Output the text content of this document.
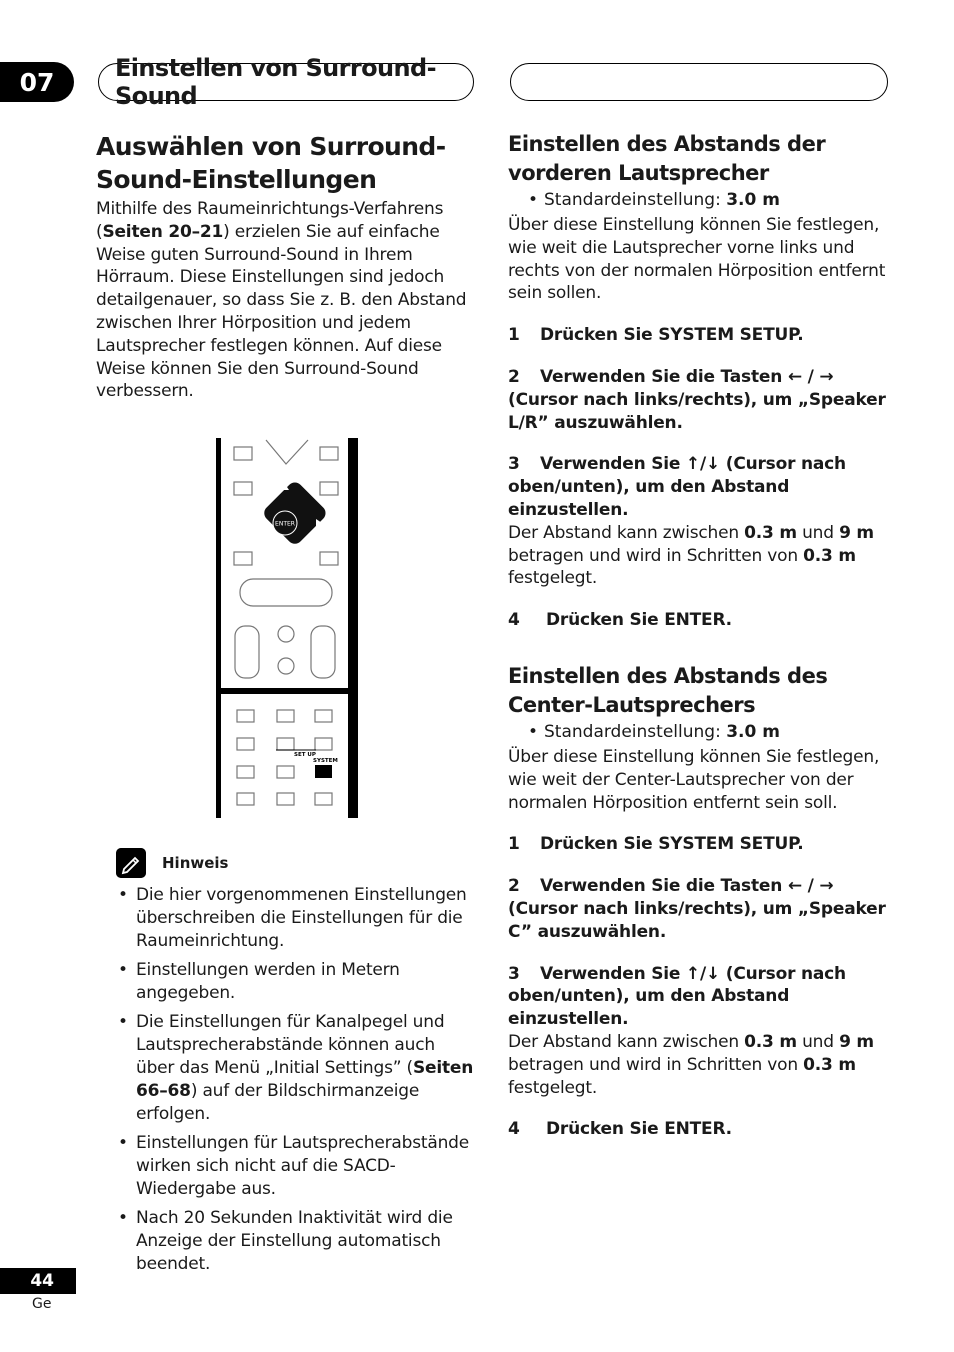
07	Einstellen von Surround-Sound
Auswählen von Surround-Sound-Einstellungen

Mithilfe des Raumeinrichtungs-Verfahrens (Seiten 20–21) erzielen Sie auf einfache Weise guten Surround-Sound in Ihrem Hörraum. Diese Einstellungen sind jedoch detailgenauer, so dass Sie z. B. den Abstand zwischen Ihrer Hörposition und jedem Lautsprecher festlegen können. Auf diese Weise können Sie den Surround-Sound verbessern.

ENTER
SET UP
SYSTEM
Hinweis
• Die hier vorgenommenen Einstellungen überschreiben die Einstellungen für die Raumeinrichtung.
• Einstellungen werden in Metern angegeben.
• Die Einstellungen für Kanalpegel und Lautsprecherabstände können auch über das Menü „Initial Settings” (Seiten 66–68) auf der Bildschirmanzeige erfolgen.
• Einstellungen für Lautsprecherabstände wirken sich nicht auf die SACD-Wiedergabe aus.
• Nach 20 Sekunden Inaktivität wird die Anzeige der Einstellung automatisch beendet.
Einstellen des Abstands der vorderen Lautsprecher
• Standardeinstellung: 3.0 m

Über diese Einstellung können Sie festlegen, wie weit die Lautsprecher vorne links und rechts von der normalen Hörposition entfernt sein sollen.

1 Drücken Sie SYSTEM SETUP.

2 Verwenden Sie die Tasten ← / → (Cursor nach links/rechts), um „Speaker L/R” auszuwählen.

3 Verwenden Sie ↑/↓ (Cursor nach oben/unten), um den Abstand einzustellen.

Der Abstand kann zwischen 0.3 m und 9 m betragen und wird in Schritten von 0.3 m festgelegt.

4 Drücken Sie ENTER.

Einstellen des Abstands des Center-Lautsprechers
• Standardeinstellung: 3.0 m

Über diese Einstellung können Sie festlegen, wie weit der Center-Lautsprecher von der normalen Hörposition entfernt sein soll.

1 Drücken Sie SYSTEM SETUP.

2 Verwenden Sie die Tasten ← / → (Cursor nach links/rechts), um „Speaker C” auszuwählen.

3 Verwenden Sie ↑/↓ (Cursor nach oben/unten), um den Abstand einzustellen.

Der Abstand kann zwischen 0.3 m und 9 m betragen und wird in Schritten von 0.3 m festgelegt.

4 Drücken Sie ENTER.

44
Ge
